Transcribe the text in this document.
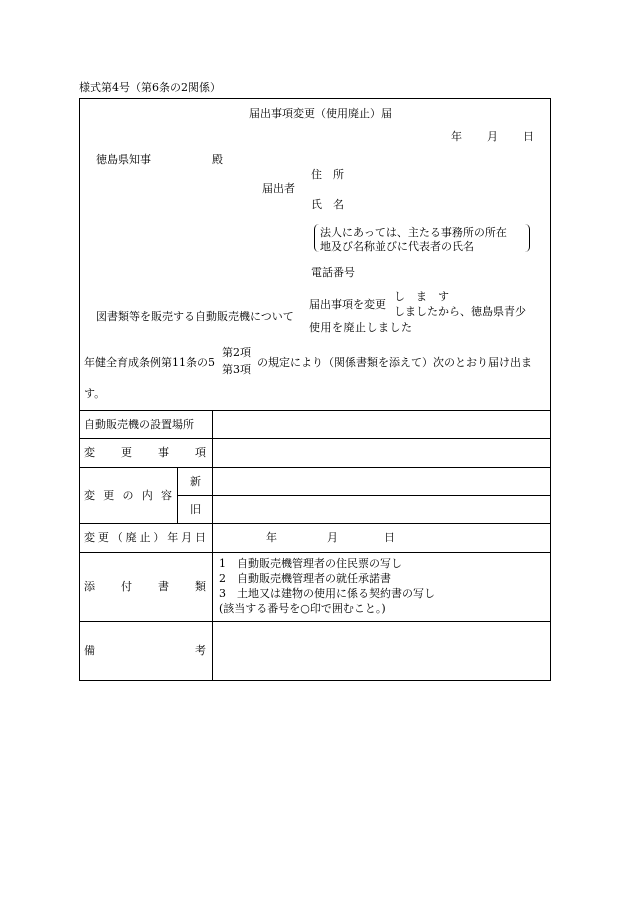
様式第4号（第6条の2関係）
届出事項変更（使用廃止）届
年 月 日
徳島県知事	殿
住　所
届出者
氏　名
法人にあっては、主たる事務所の所在
地及び名称並びに代表者の氏名
電話番号
図書類等を販売する自動販売機について
届出事項を変更
し　ま　す
しましたから、徳島県青少
使 用 を 廃 止 し ま し た
年健全育成条例第11条の5
第2項
第3項
の規定により（関係書類を添えて）次のとおり届け出ま
す。
自動販売機の設置場所
変 更 事 項
変 更 の 内 容
新
旧
変 更 （ 廃 止 ） 年 月 日	年	月	日
添 付 書 類
1　自動販売機管理者の住民票の写し
2　自動販売機管理者の就任承諾書
3　土地又は建物の使用に係る契約書の写し
(該当する番号を○印で囲むこと。)
備	考
